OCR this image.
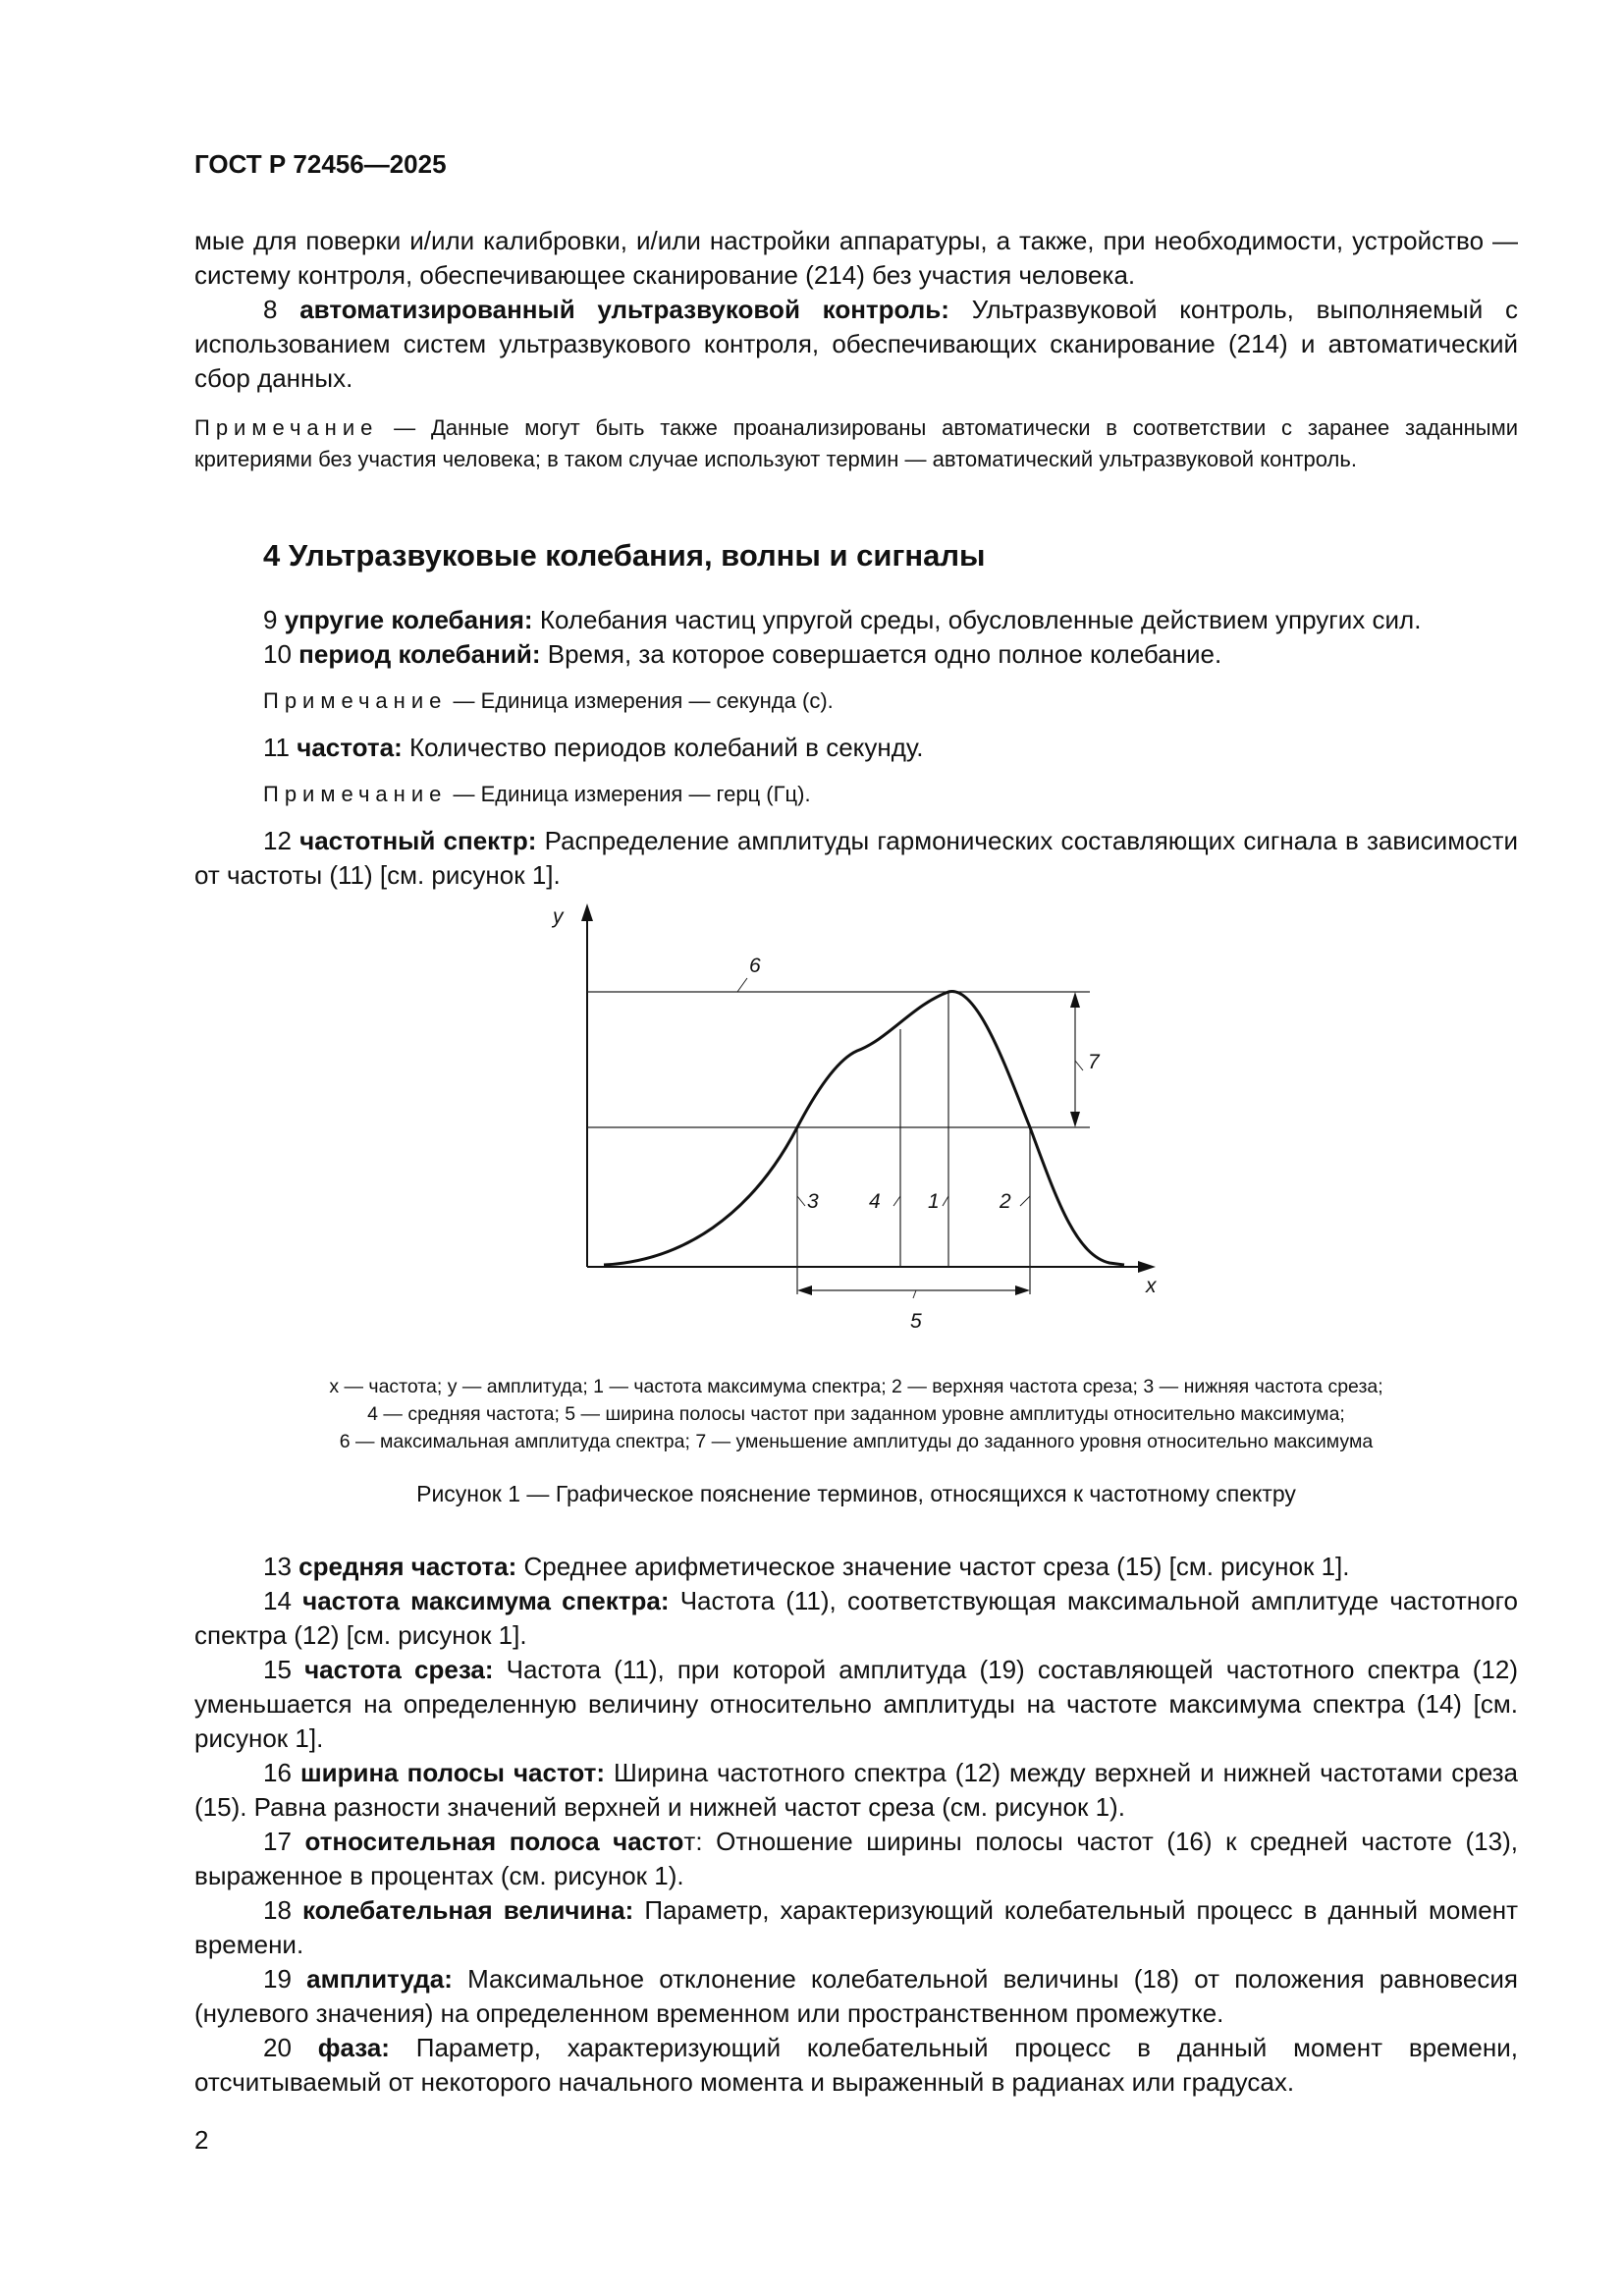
ГОСТ Р 72456—2025

мые для поверки и/или калибровки, и/или настройки аппаратуры, а также, при необходимости, устройство — систему контроля, обеспечивающее сканирование (214) без участия человека.

8 автоматизированный ультразвуковой контроль: Ультразвуковой контроль, выполняемый с использованием систем ультразвукового контроля, обеспечивающих сканирование (214) и автоматический сбор данных.

Примечание — Данные могут быть также проанализированы автоматически в соответствии с заранее заданными критериями без участия человека; в таком случае используют термин — автоматический ультразвуковой контроль.

4 Ультразвуковые колебания, волны и сигналы

9 упругие колебания: Колебания частиц упругой среды, обусловленные действием упругих сил.

10 период колебаний: Время, за которое совершается одно полное колебание.

Примечание — Единица измерения — секунда (с).

11 частота: Количество периодов колебаний в секунду.

Примечание — Единица измерения — герц (Гц).

12 частотный спектр: Распределение амплитуды гармонических составляющих сигнала в зависимости от частоты (11) [см. рисунок 1].

y
x
6
7
3 4 1	2
5
x — частота; y — амплитуда; 1 — частота максимума спектра; 2 — верхняя частота среза; 3 — нижняя частота среза;
4 — средняя частота; 5 — ширина полосы частот при заданном уровне амплитуды относительно максимума;
6 — максимальная амплитуда спектра; 7 — уменьшение амплитуды до заданного уровня относительно максимума
Рисунок 1 — Графическое пояснение терминов, относящихся к частотному спектру

13 средняя частота: Среднее арифметическое значение частот среза (15) [см. рисунок 1].

14 частота максимума спектра: Частота (11), соответствующая максимальной амплитуде частотного спектра (12) [см. рисунок 1].

15 частота среза: Частота (11), при которой амплитуда (19) составляющей частотного спектра (12) уменьшается на определенную величину относительно амплитуды на частоте максимума спектра (14) [см. рисунок 1].

16 ширина полосы частот: Ширина частотного спектра (12) между верхней и нижней частотами среза (15). Равна разности значений верхней и нижней частот среза (см. рисунок 1).

17 относительная полоса частот: Отношение ширины полосы частот (16) к средней частоте (13), выраженное в процентах (см. рисунок 1).

18 колебательная величина: Параметр, характеризующий колебательный процесс в данный момент времени.

19 амплитуда: Максимальное отклонение колебательной величины (18) от положения равновесия (нулевого значения) на определенном временном или пространственном промежутке.

20 фаза: Параметр, характеризующий колебательный процесс в данный момент времени, отсчитываемый от некоторого начального момента и выраженный в радианах или градусах.

2
